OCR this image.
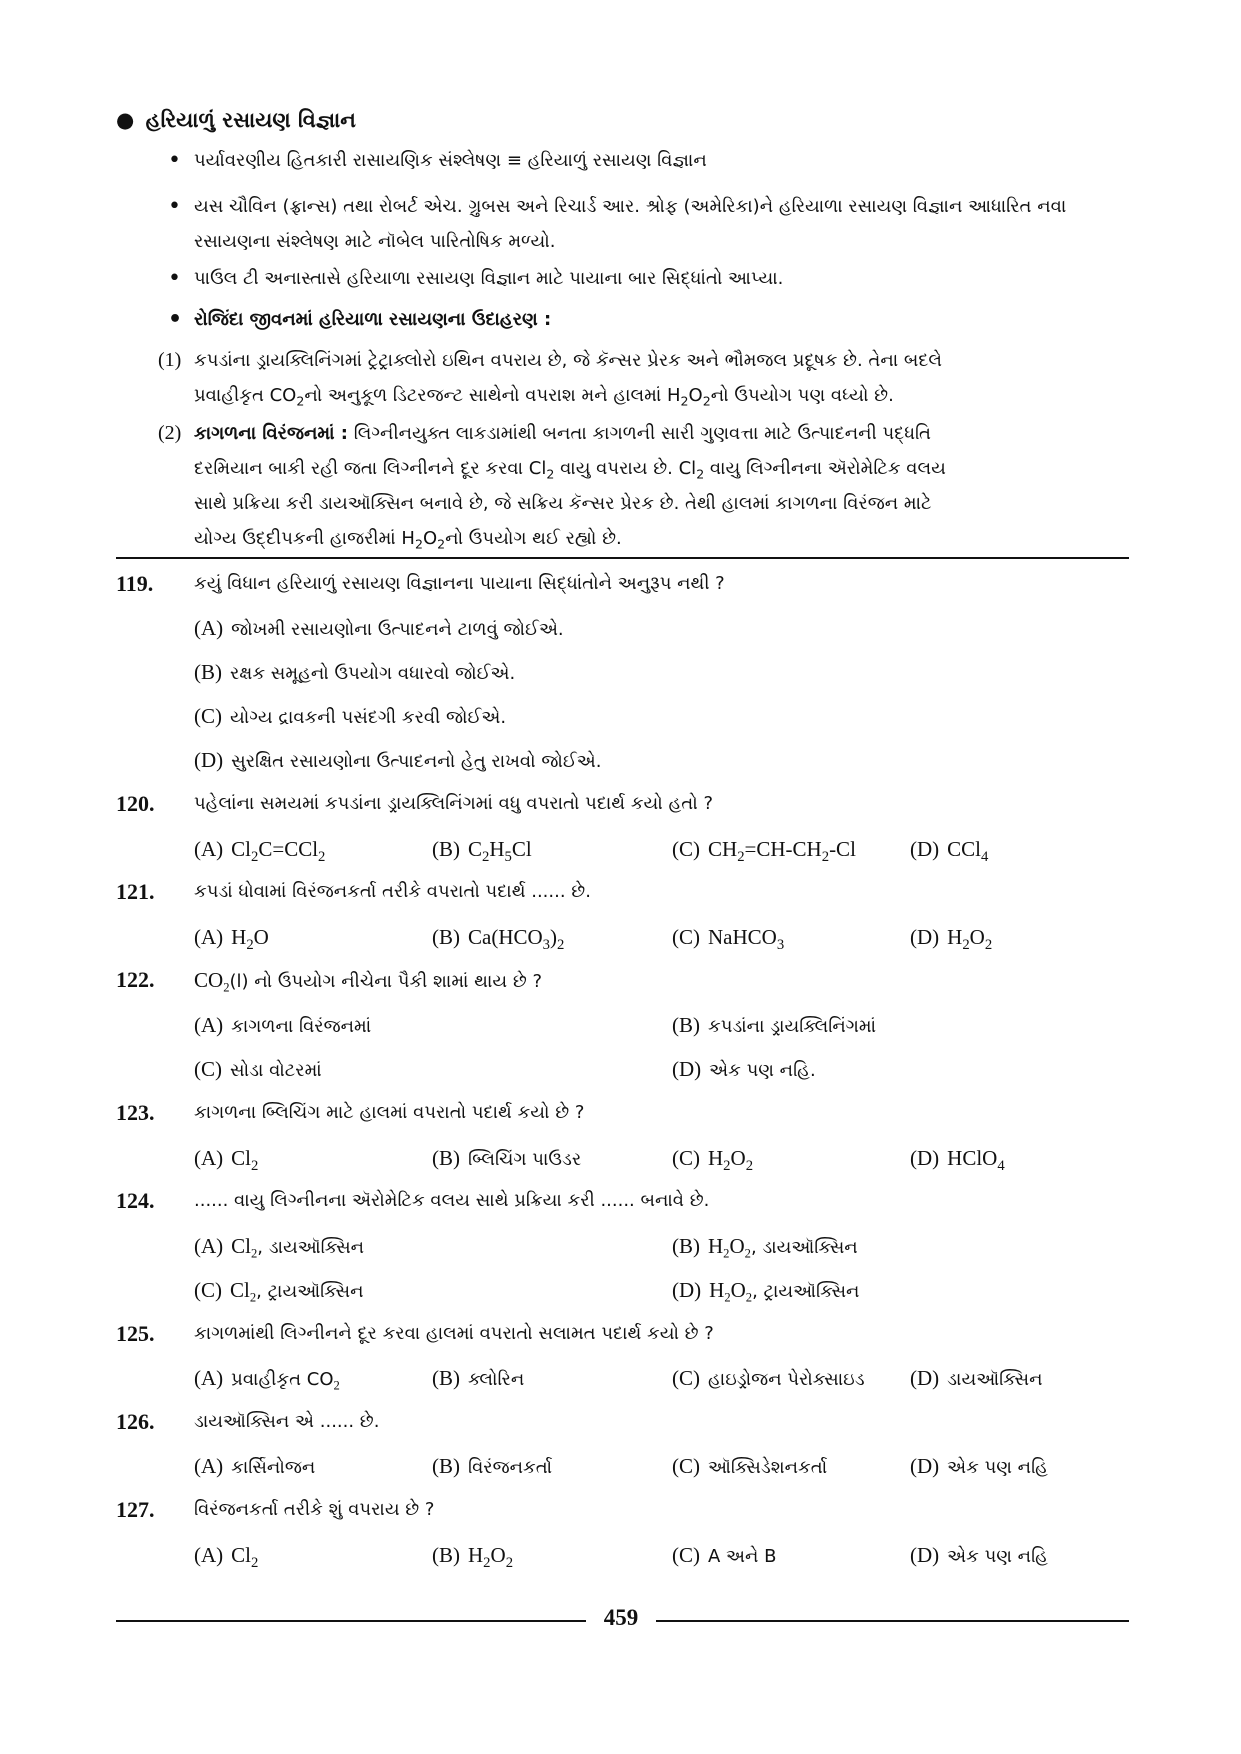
● હરિયાળું રસાયણ વિજ્ઞાન
• પર્યાવરણીય હિતકારી રાસાયણિક સંશ્લેષણ ≡ હરિયાળું રસાયણ વિજ્ઞાન
• યસ ચૌવિન (ફ્રાન્સ) તથા રોબર્ટ એચ. ગ્રુબસ અને રિચાર્ડ આર. શ્રોફ (અમેરિકા)ને હરિયાળા રસાયણ વિજ્ઞાન આધારિત નવા રસાયણના સંશ્લેષણ માટે નૉબેલ પારિતોષિક મળ્યો.
• પાઉલ ટી અનાસ્તાસે હરિયાળા રસાયણ વિજ્ઞાન માટે પાયાના બાર સિદ્ધાંતો આપ્યા.
• રોજિંદા જીવનમાં હરિયાળા રસાયણના ઉદાહરણ :
(1) કપડાંના ડ્રાયક્લિનિંગમાં ટ્રેટ્રાક્લોરો ઇથિન વપરાય છે, જે કૅન્સર પ્રેરક અને ભૌમજલ પ્રદૂષક છે. તેના બદલે
પ્રવાહીકૃત $CO_2નો$ અનુકૂળ ડિટરજન્ટ સાથેનો વપરાશ મને હાલમાં $H_2O_2નો$ ઉપયોગ પણ વધ્યો છે.
(2) કાગળના વિરંજનમાં : લિગ્નીનયુક્ત લાકડામાંથી બનતા કાગળની સારી ગુણવત્તા માટે ઉત્પાદનની પદ્ધતિ
દરમિયાન બાકી રહી જતા લિગ્નીનને દૂર કરવા $Cl_2$ વાયુ વપરાય છે. $Cl_2$ વાયુ લિગ્નીનના ઍરોમેટિક વલય
સાથે પ્રક્રિયા કરી ડાયઑક્સિન બનાવે છે, જે સક્રિય કૅન્સર પ્રેરક છે. તેથી હાલમાં કાગળના વિરંજન માટે
યોગ્ય ઉદ્દીપકની હાજરીમાં $H_2O_2નો$ ઉપયોગ થઈ રહ્યો છે.
119. કયું વિધાન હરિયાળું રસાયણ વિજ્ઞાનના પાયાના સિદ્ધાંતોને અનુરૂપ નથી ?
(A) જોખમી રસાયણોના ઉત્પાદનને ટાળવું જોઈએ.
(B) રક્ષક સમૂહનો ઉપયોગ વધારવો જોઈએ.
(C) યોગ્ય દ્રાવકની પસંદગી કરવી જોઈએ.
(D) સુરક્ષિત રસાયણોના ઉત્પાદનનો હેતુ રાખવો જોઈએ.
120. પહેલાંના સમયમાં કપડાંના ડ્રાયક્લિનિંગમાં વધુ વપરાતો પદાર્થ કયો હતો ?
(A) $Cl_2C=CCl_2$	(B) $C_2H_5Cl$	(C) $CH_2=CH-CH_2-Cl$	(D) CCl$_4$
121. કપડાં ધોવામાં વિરંજનકર્તા તરીકે વપરાતો પદાર્થ ...... છે.
(A) $H_2O$	(B) $Ca(HCO_3)_2$	(C) NaHCO$_3$	(D) $H_2O_2$
122. $CO_2(l)$ નો ઉપયોગ નીચેના પૈકી શામાં થાય છે ?
(A) કાગળના વિરંજનમાં	(B) કપડાંના ડ્રાયક્લિનિંગમાં
(C) સોડા વોટરમાં	(D) એક પણ નહિ.
123. કાગળના બ્લિચિંગ માટે હાલમાં વપરાતો પદાર્થ કયો છે ?
(A) $Cl_2$	(B) બ્લિચિંગ પાઉડર	(C) $H_2O_2$	(D) HClO$_4$
124. ...... વાયુ લિગ્નીનના ઍરોમેટિક વલય સાથે પ્રક્રિયા કરી ...... બનાવે છે.
(A) $Cl_2$, ડાયઑક્સિન	(B) $H_2O_2$, ડાયઑક્સિન
(C) $Cl_2$, ટ્રાયઑક્સિન	(D) $H_2O_2$, ટ્રાયઑક્સિન
125. કાગળમાંથી લિગ્નીનને દૂર કરવા હાલમાં વપરાતો સલામત પદાર્થ કયો છે ?
(A) પ્રવાહીકૃત $CO_2$	(B) ક્લોરિન	(C) હાઇડ્રોજન પેરોક્સાઇડ (D) ડાયઑક્સિન
126. ડાયઑક્સિન એ ...... છે.
(A) કાર્સિનોજન	(B) વિરંજનકર્તા	(C) ઑક્સિડેશનકર્તા	(D) એક પણ નહિ
127. વિરંજનકર્તા તરીકે શું વપરાય છે ?
(A) $Cl_2$	(B) $H_2O_2$	(C) A અને B	(D) એક પણ નહિ
459
